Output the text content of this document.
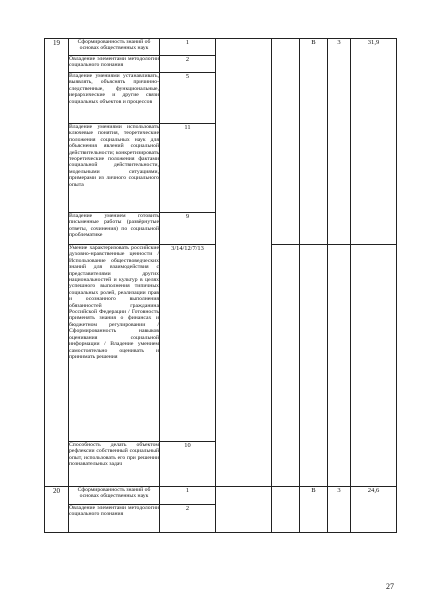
19	Сформированность знаний об основах общественных наук	1			В	3	31,9
	Овладение элементами методологии социального познания	2					
	Владение умениями устанавливать, выявлять, объяснять причинно-следственные, функциональные, иерархические и другие связи социальных объектов и процессов	5					
	Владение умениями использовать ключевые понятия, теоретические положения социальных наук для объяснения явлений социальной действительности; конкретизировать теоретические положения фактами социальной действительности, модельными ситуациями, примерами из личного социального опыта	11					
	Владение умением готовить письменные работы (развёрнутые ответы, сочинения) по социальной проблематике	9					
	Умение характеризовать российские духовно-нравственные ценности / Использование обществоведческих знаний для взаимодействия с представителями других национальностей и культур в целях успешного выполнения типичных социальных ролей, реализации прав и осознанного выполнения обязанностей гражданина Российской Федерации / Готовность применять знания о финансах и бюджетном регулировании / Сформированность навыков оценивания социальной информации / Владение умением самостоятельно оценивать и принимать решения	3/14/12/7/13					
	Способность делать объектом рефлексии собственный социальный опыт, использовать его при решении познавательных задач	10					
20	Сформированность знаний об основах общественных наук	1			В	3	24,6
	Овладение элементами методологии социального познания	2					
27
